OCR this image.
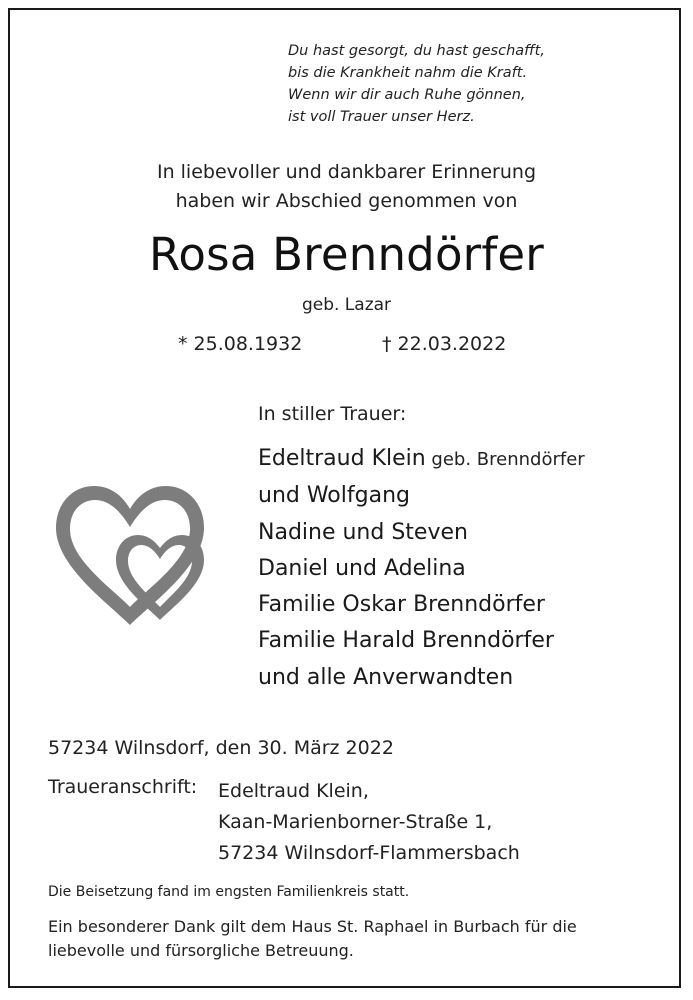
Du hast gesorgt, du hast geschafft,
bis die Krankheit nahm die Kraft.
Wenn wir dir auch Ruhe gönnen,
ist voll Trauer unser Herz.
In liebevoller und dankbarer Erinnerung
haben wir Abschied genommen von
Rosa Brenndörfer
geb. Lazar
* 25.08.1932	† 22.03.2022
In stiller Trauer:
Edeltraud Klein geb. Brenndörfer
und Wolfgang
Nadine und Steven
Daniel und Adelina
Familie Oskar Brenndörfer
Familie Harald Brenndörfer
und alle Anverwandten
57234 Wilnsdorf, den 30. März 2022
Traueranschrift: Edeltraud Klein,
Kaan-Marienborner-Straße 1,
57234 Wilnsdorf-Flammersbach
Die Beisetzung fand im engsten Familienkreis statt.
Ein besonderer Dank gilt dem Haus St. Raphael in Burbach für die liebevolle und fürsorgliche Betreuung.
